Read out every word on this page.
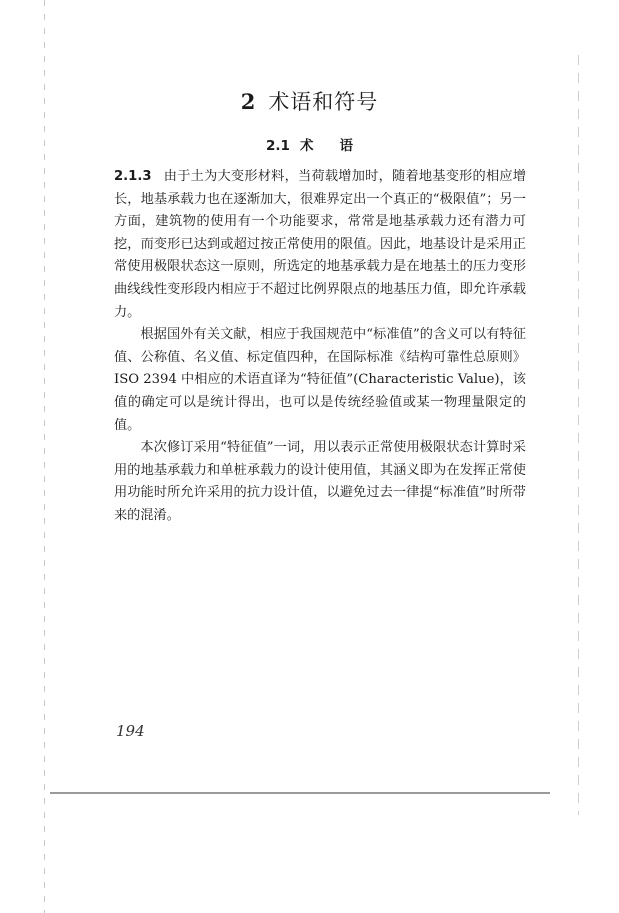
2 术语和符号
2.1 术 语

2.1.3 由于土为大变形材料，当荷载增加时，随着地基变形的相应增长，地基承载力也在逐渐加大，很难界定出一个真正的“极限值”；另一方面，建筑物的使用有一个功能要求，常常是地基承载力还有潜力可挖，而变形已达到或超过按正常使用的限值。因此，地基设计是采用正常使用极限状态这一原则，所选定的地基承载力是在地基土的压力变形曲线线性变形段内相应于不超过比例界限点的地基压力值，即允许承载力。

根据国外有关文献，相应于我国规范中“标准值”的含义可以有特征值、公称值、名义值、标定值四种，在国际标准《结构可靠性总原则》ISO 2394 中相应的术语直译为“特征值”(Characteristic Value)，该值的确定可以是统计得出，也可以是传统经验值或某一物理量限定的值。

本次修订采用“特征值”一词，用以表示正常使用极限状态计算时采用的地基承载力和单桩承载力的设计使用值，其涵义即为在发挥正常使用功能时所允许采用的抗力设计值，以避免过去一律提“标准值”时所带来的混淆。

194
